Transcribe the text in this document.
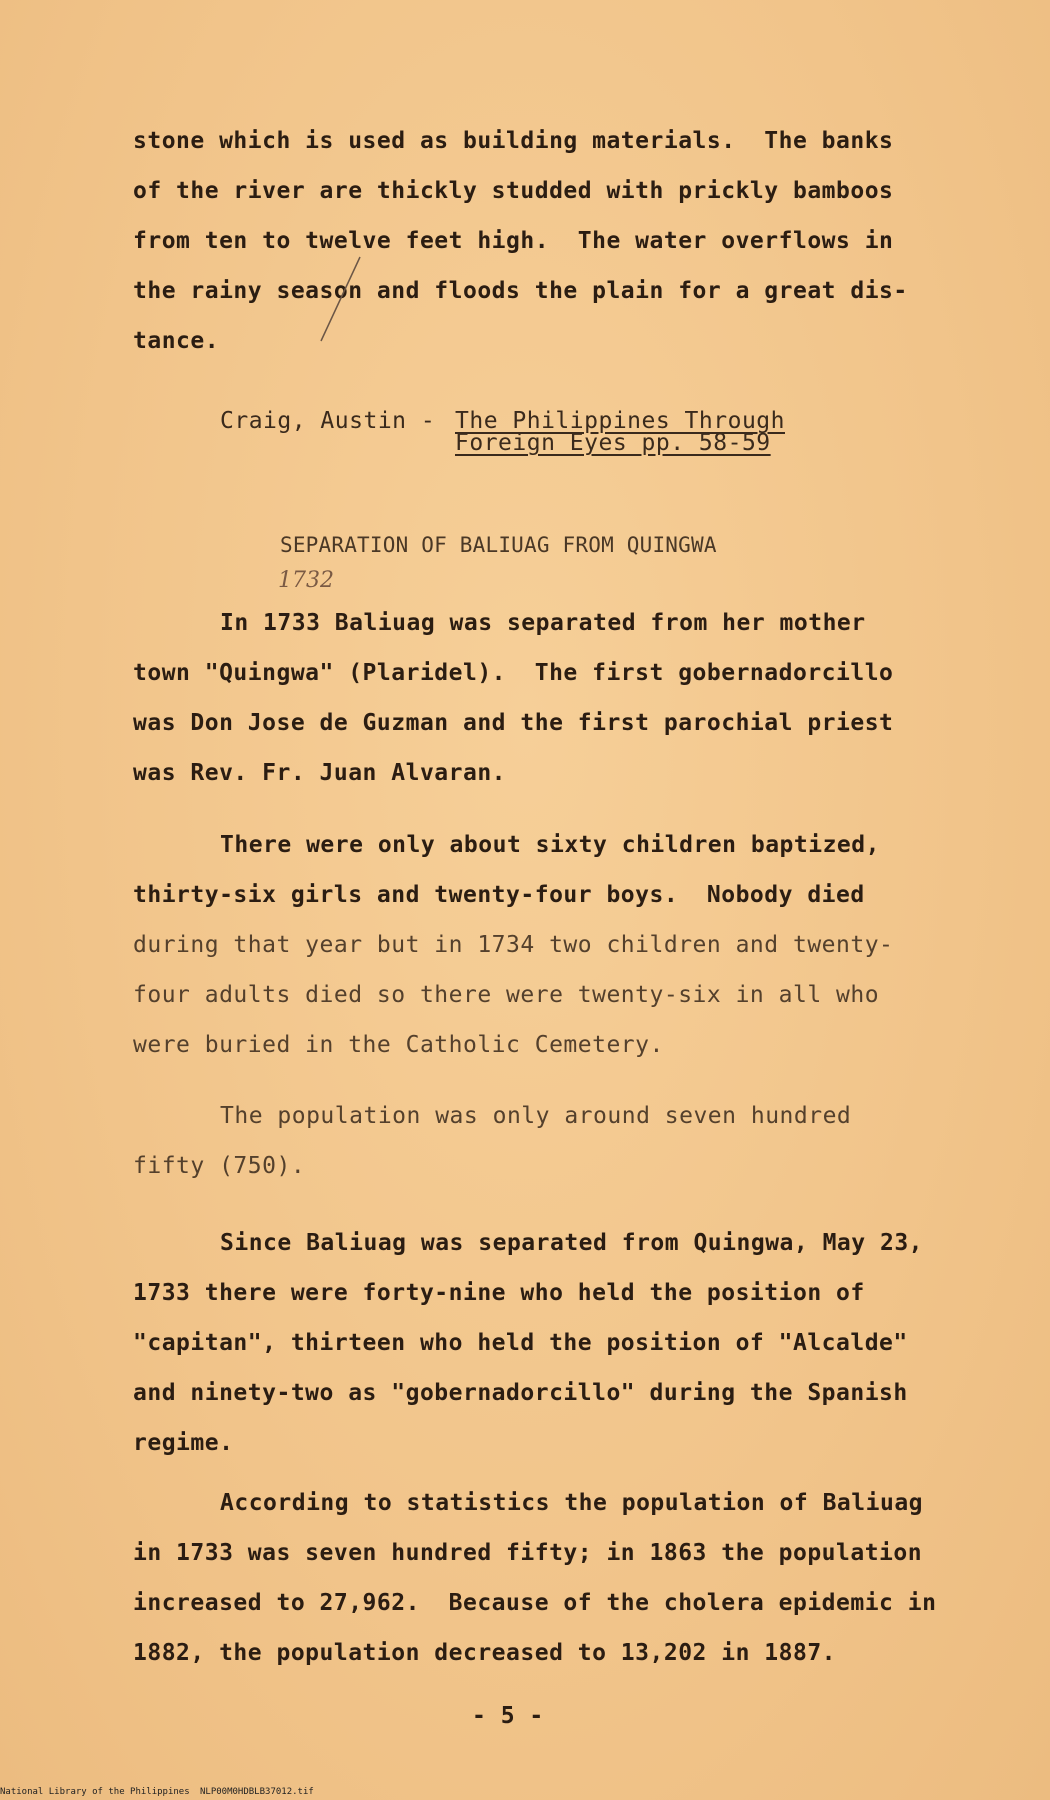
stone which is used as building materials.  The banks
of the river are thickly studded with prickly bamboos
from ten to twelve feet high.  The water overflows in
the rainy season and floods the plain for a great dis-
tance.
Craig, Austin - The Philippines Through
Foreign Eyes pp. 58-59
SEPARATION OF BALIUAG FROM QUINGWA
1732
In 1733 Baliuag was separated from her mother
town "Quingwa" (Plaridel).  The first gobernadorcillo
was Don Jose de Guzman and the first parochial priest
was Rev. Fr. Juan Alvaran.
There were only about sixty children baptized,
thirty-six girls and twenty-four boys.  Nobody died
during that year but in 1734 two children and twenty-
four adults died so there were twenty-six in all who
were buried in the Catholic Cemetery.
The population was only around seven hundred
fifty (750).
Since Baliuag was separated from Quingwa, May 23,
1733 there were forty-nine who held the position of
"capitan", thirteen who held the position of "Alcalde"
and ninety-two as "gobernadorcillo" during the Spanish
regime.
According to statistics the population of Baliuag
in 1733 was seven hundred fifty; in 1863 the population
increased to 27,962.  Because of the cholera epidemic in
1882, the population decreased to 13,202 in 1887.
- 5 -
National Library of the Philippines NLP00M0HDBLB37012.tif
